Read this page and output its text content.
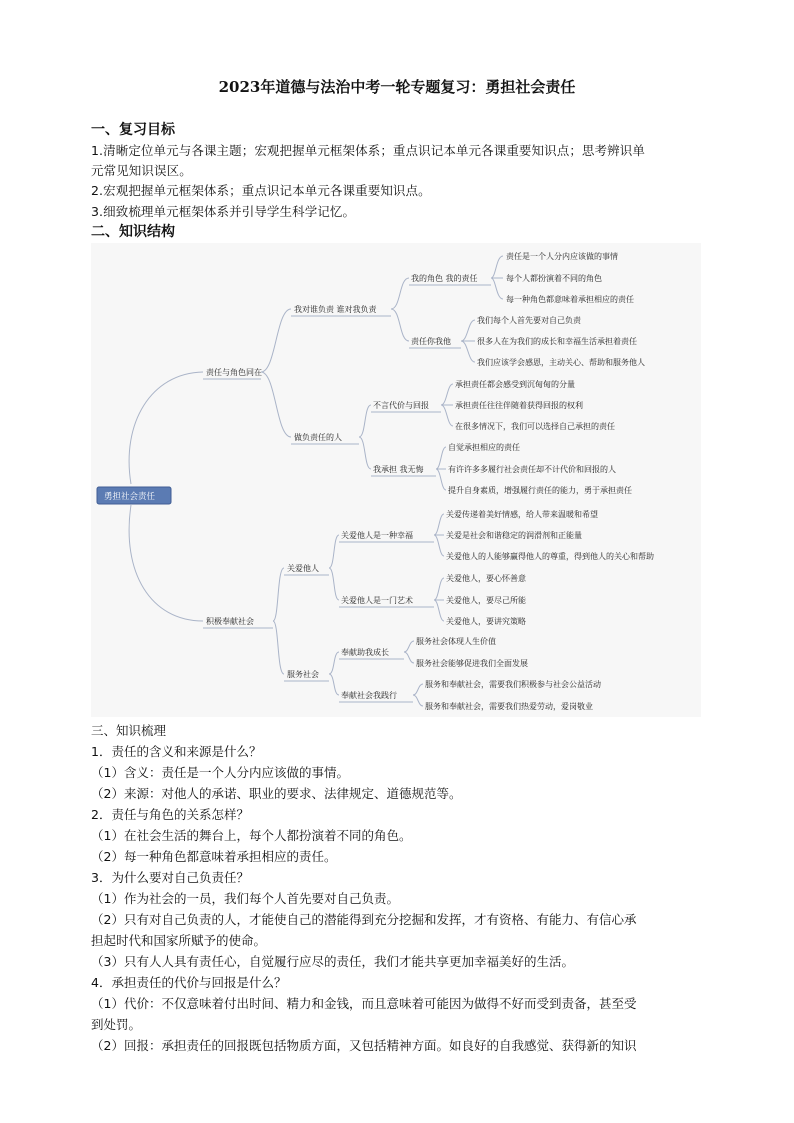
2023年道德与法治中考一轮专题复习：勇担社会责任
一、复习目标
1.清晰定位单元与各课主题；宏观把握单元框架体系；重点识记本单元各课重要知识点；思考辨识单
元常见知识误区。
2.宏观把握单元框架体系；重点识记本单元各课重要知识点。
3.细致梳理单元框架体系并引导学生科学记忆。
二、知识结构
勇担社会责任
责任与角色同在
积极奉献社会
我对谁负责 谁对我负责
做负责任的人
关爱他人
服务社会
我的角色 我的责任
责任你我他
不言代价与回报
我承担 我无悔
关爱他人是一种幸福
关爱他人是一门艺术
奉献助我成长
奉献社会我践行
责任是一个人分内应该做的事情
每个人都扮演着不同的角色
每一种角色都意味着承担相应的责任
我们每个人首先要对自己负责
很多人在为我们的成长和幸福生活承担着责任
我们应该学会感恩，主动关心、帮助和服务他人
承担责任都会感受到沉甸甸的分量
承担责任往往伴随着获得回报的权利
在很多情况下，我们可以选择自己承担的责任
自觉承担相应的责任
有许许多多履行社会责任却不计代价和回报的人
提升自身素质，增强履行责任的能力，勇于承担责任
关爱传递着美好情感，给人带来温暖和希望
关爱是社会和谐稳定的润滑剂和正能量
关爱他人的人能够赢得他人的尊重，得到他人的关心和帮助
关爱他人，要心怀善意
关爱他人，要尽己所能
关爱他人，要讲究策略
服务社会体现人生价值
服务社会能够促进我们全面发展
服务和奉献社会，需要我们积极参与社会公益活动
服务和奉献社会，需要我们热爱劳动，爱岗敬业
三、知识梳理
1．责任的含义和来源是什么？
（1）含义：责任是一个人分内应该做的事情。
（2）来源：对他人的承诺、职业的要求、法律规定、道德规范等。
2．责任与角色的关系怎样？
（1）在社会生活的舞台上，每个人都扮演着不同的角色。
（2）每一种角色都意味着承担相应的责任。
3．为什么要对自己负责任？
（1）作为社会的一员，我们每个人首先要对自己负责。
（2）只有对自己负责的人，才能使自己的潜能得到充分挖掘和发挥，才有资格、有能力、有信心承
担起时代和国家所赋予的使命。
（3）只有人人具有责任心，自觉履行应尽的责任，我们才能共享更加幸福美好的生活。
4．承担责任的代价与回报是什么？
（1）代价：不仅意味着付出时间、精力和金钱，而且意味着可能因为做得不好而受到责备，甚至受
到处罚。
（2）回报：承担责任的回报既包括物质方面，又包括精神方面。如良好的自我感觉、获得新的知识
